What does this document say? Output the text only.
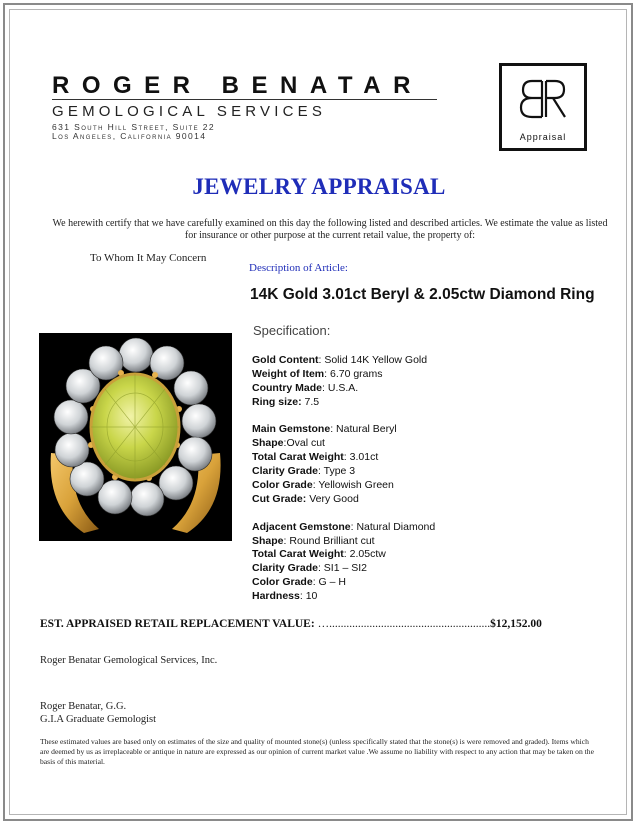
ROGER BENATAR
GEMOLOGICAL SERVICES
631 South Hill Street, Suite 22
Los Angeles, California 90014	Appraisal
JEWELRY APPRAISAL
We herewith certify that we have carefully examined on this day the following listed and described articles. We estimate the value as listed for insurance or other purpose at the current retail value, the property of:
To Whom It May Concern
Description of Article:
14K Gold 3.01ct Beryl & 2.05ctw Diamond Ring
Specification:
Gold Content: Solid 14K Yellow Gold
Weight of Item: 6.70 grams
Country Made: U.S.A.
Ring size: 7.5
Main Gemstone: Natural Beryl
Shape:Oval cut
Total Carat Weight: 3.01ct
Clarity Grade: Type 3
Color Grade: Yellowish Green
Cut Grade: Very Good
Adjacent Gemstone: Natural Diamond
Shape: Round Brilliant cut
Total Carat Weight: 2.05ctw
Clarity Grade: SI1 – SI2
Color Grade: G – H
Hardness: 10
EST. APPRAISED RETAIL REPLACEMENT VALUE: …........................................................$12,152.00
Roger Benatar Gemological Services, Inc.
Roger Benatar, G.G.
G.I.A Graduate Gemologist
These estimated values are based only on estimates of the size and quality of mounted stone(s) (unless specifically stated that the stone(s) is were removed and graded). Items which are deemed by us as irreplaceable or antique in nature are expressed as our opinion of current market value .We assume no liability with respect to any action that may be taken on the basis of this material.
